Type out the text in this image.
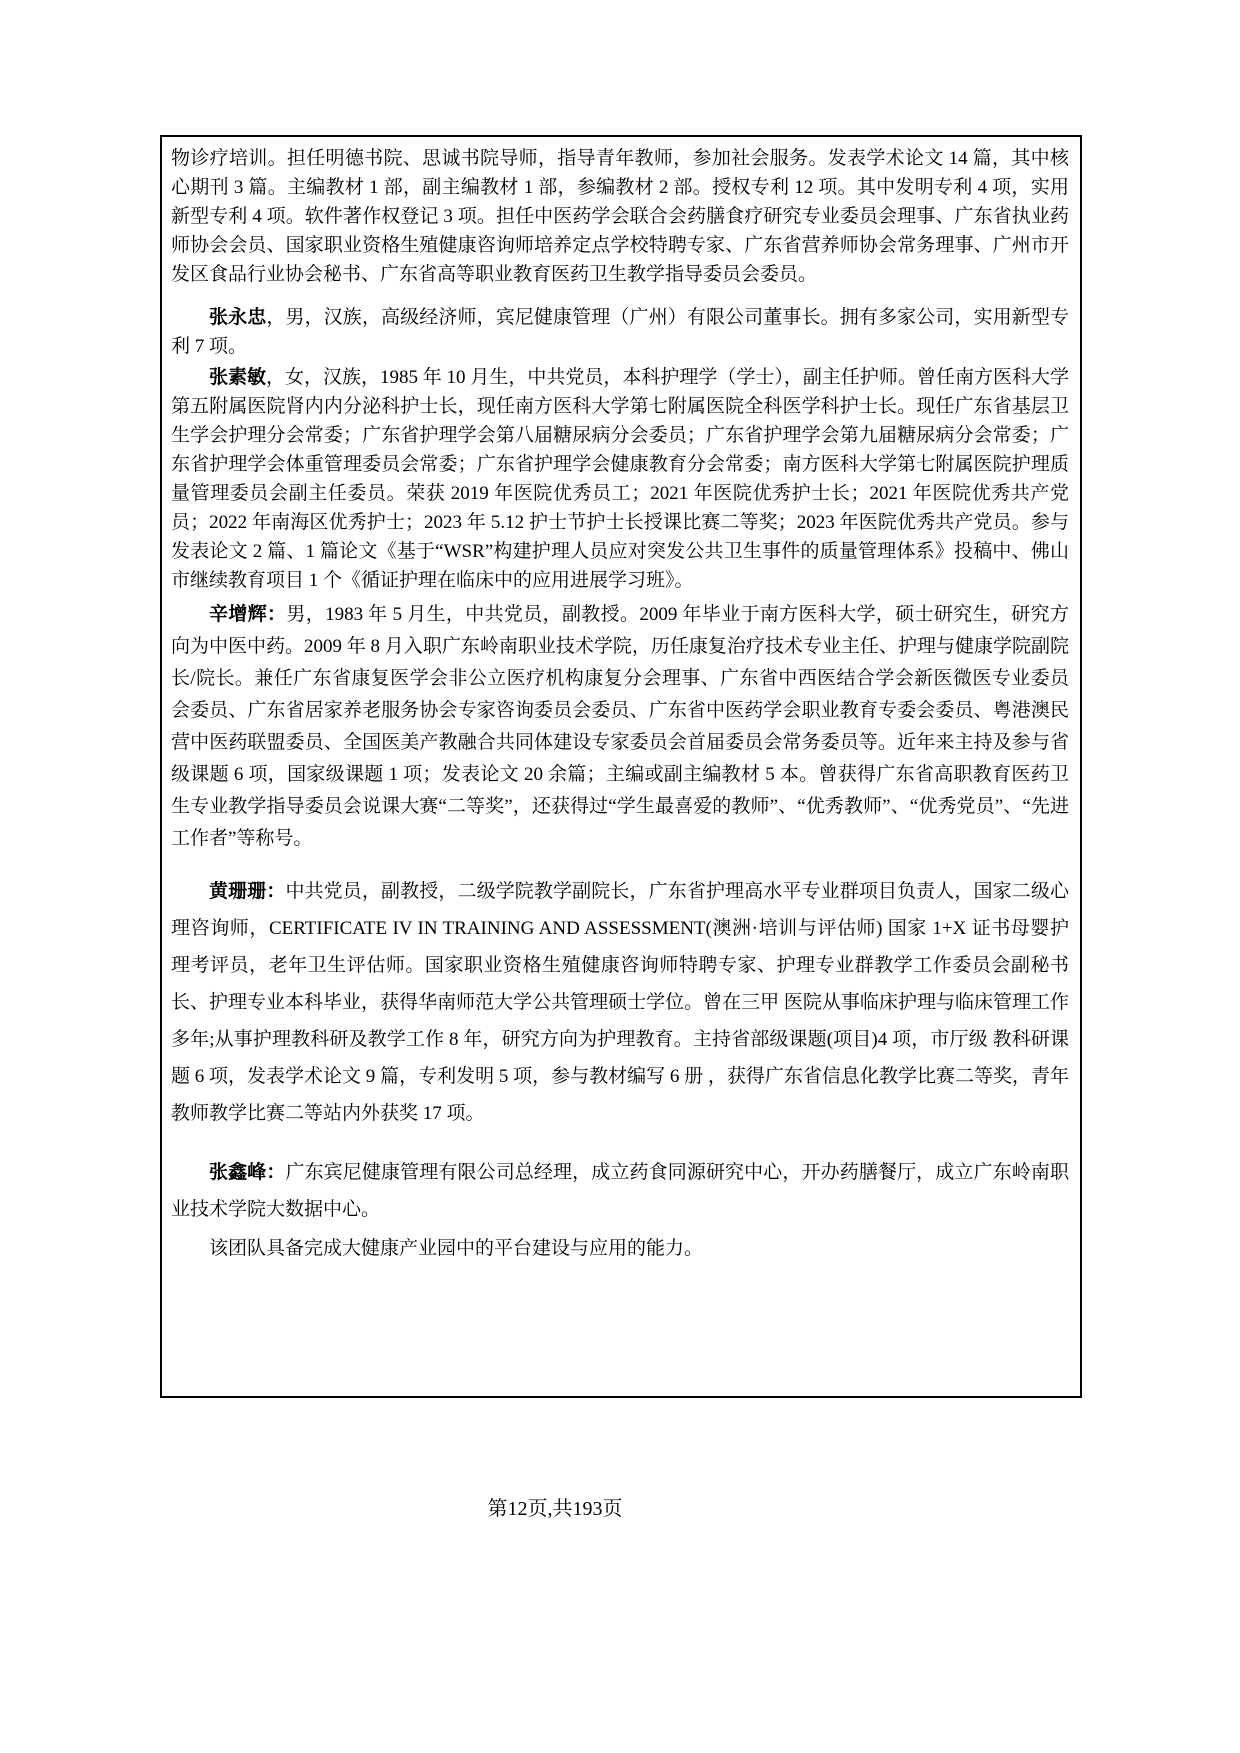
物诊疗培训。担任明德书院、思诚书院导师，指导青年教师，参加社会服务。发表学术论文 14 篇，其中核心期刊 3 篇。主编教材 1 部，副主编教材 1 部，参编教材 2 部。授权专利 12 项。其中发明专利 4 项，实用新型专利 4 项。软件著作权登记 3 项。担任中医药学会联合会药膳食疗研究专业委员会理事、广东省执业药师协会会员、国家职业资格生殖健康咨询师培养定点学校特聘专家、广东省营养师协会常务理事、广州市开发区食品行业协会秘书、广东省高等职业教育医药卫生教学指导委员会委员。

张永忠，男，汉族，高级经济师，宾尼健康管理（广州）有限公司董事长。拥有多家公司，实用新型专利 7 项。

张素敏，女，汉族，1985 年 10 月生，中共党员，本科护理学（学士），副主任护师。曾任南方医科大学第五附属医院肾内内分泌科护士长，现任南方医科大学第七附属医院全科医学科护士长。现任广东省基层卫生学会护理分会常委；广东省护理学会第八届糖尿病分会委员；广东省护理学会第九届糖尿病分会常委；广东省护理学会体重管理委员会常委；广东省护理学会健康教育分会常委；南方医科大学第七附属医院护理质量管理委员会副主任委员。荣获 2019 年医院优秀员工；2021 年医院优秀护士长；2021 年医院优秀共产党员；2022 年南海区优秀护士；2023 年 5.12 护士节护士长授课比赛二等奖；2023 年医院优秀共产党员。参与发表论文 2 篇、1 篇论文《基于“WSR”构建护理人员应对突发公共卫生事件的质量管理体系》投稿中、佛山市继续教育项目 1 个《循证护理在临床中的应用进展学习班》。

辛增辉：男，1983 年 5 月生，中共党员，副教授。2009 年毕业于南方医科大学，硕士研究生，研究方向为中医中药。2009 年 8 月入职广东岭南职业技术学院，历任康复治疗技术专业主任、护理与健康学院副院长/院长。兼任广东省康复医学会非公立医疗机构康复分会理事、广东省中西医结合学会新医微医专业委员会委员、广东省居家养老服务协会专家咨询委员会委员、广东省中医药学会职业教育专委会委员、粤港澳民营中医药联盟委员、全国医美产教融合共同体建设专家委员会首届委员会常务委员等。近年来主持及参与省级课题 6 项，国家级课题 1 项；发表论文 20 余篇；主编或副主编教材 5 本。曾获得广东省高职教育医药卫生专业教学指导委员会说课大赛“二等奖”，还获得过“学生最喜爱的教师”、“优秀教师”、“优秀党员”、“先进工作者”等称号。

黄珊珊：中共党员，副教授，二级学院教学副院长，广东省护理高水平专业群项目负责人，国家二级心理咨询师，CERTIFICATE IV IN TRAINING AND ASSESSMENT(澳洲·培训与评估师) 国家 1+X 证书母婴护理考评员，老年卫生评估师。国家职业资格生殖健康咨询师特聘专家、护理专业群教学工作委员会副秘书长、护理专业本科毕业，获得华南师范大学公共管理硕士学位。曾在三甲 医院从事临床护理与临床管理工作多年;从事护理教科研及教学工作 8 年，研究方向为护理教育。主持省部级课题(项目)4 项，市厅级 教科研课题 6 项，发表学术论文 9 篇，专利发明 5 项，参与教材编写 6 册 ，获得广东省信息化教学比赛二等奖，青年教师教学比赛二等站内外获奖 17 项。

张鑫峰：广东宾尼健康管理有限公司总经理，成立药食同源研究中心，开办药膳餐厅，成立广东岭南职业技术学院大数据中心。

该团队具备完成大健康产业园中的平台建设与应用的能力。

第12页,共193页
